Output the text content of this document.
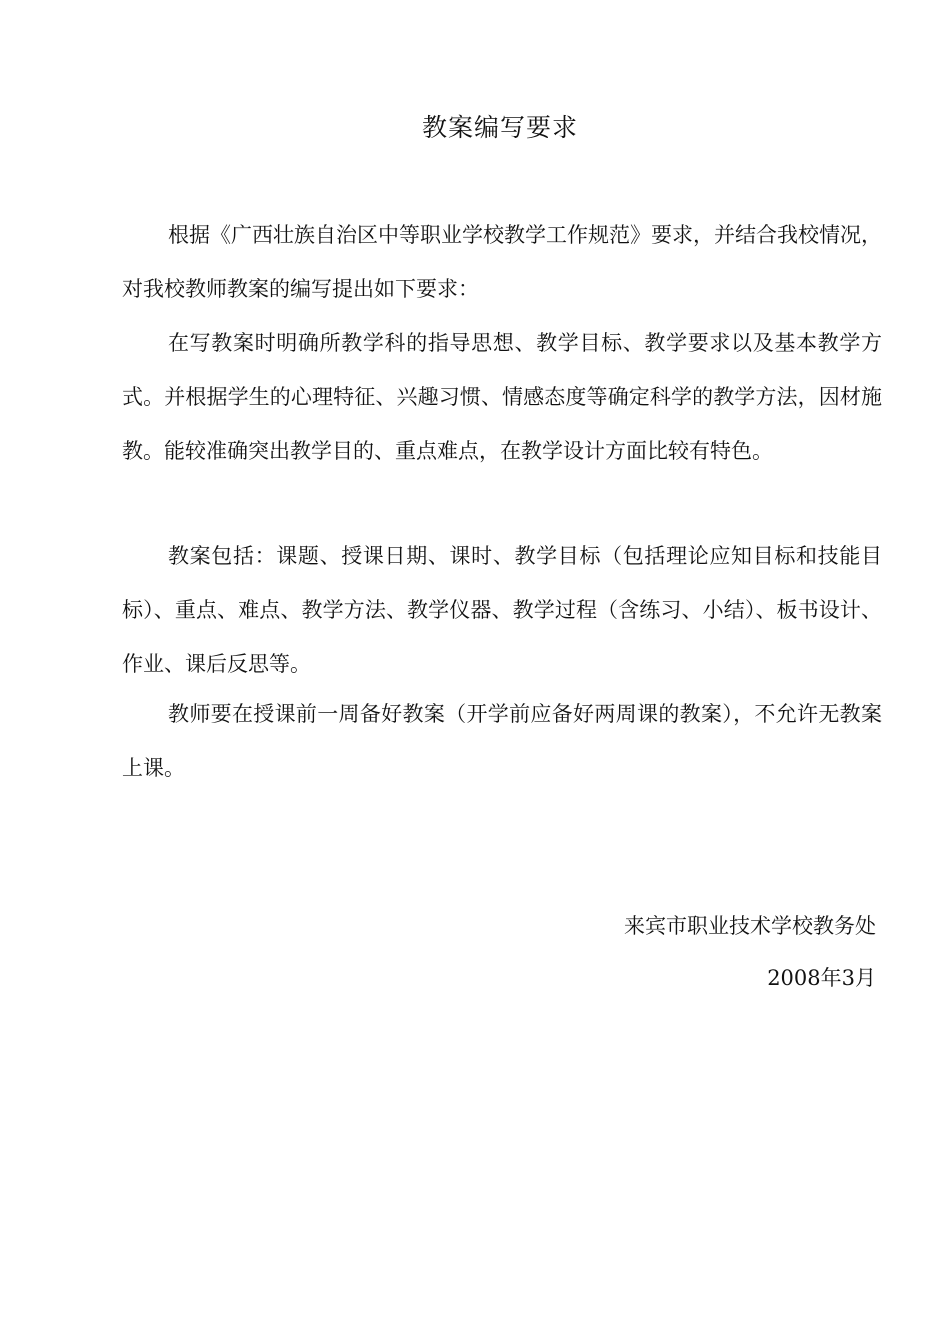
教案编写要求

根据《广西壮族自治区中等职业学校教学工作规范》要求，并结合我校情况，对我校教师教案的编写提出如下要求：

在写教案时明确所教学科的指导思想、教学目标、教学要求以及基本教学方式。并根据学生的心理特征、兴趣习惯、情感态度等确定科学的教学方法，因材施教。能较准确突出教学目的、重点难点，在教学设计方面比较有特色。

教案包括：课题、授课日期、课时、教学目标（包括理论应知目标和技能目标）、重点、难点、教学方法、教学仪器、教学过程（含练习、小结）、板书设计、作业、课后反思等。

教师要在授课前一周备好教案（开学前应备好两周课的教案），不允许无教案上课。

来宾市职业技术学校教务处
2008年3月
